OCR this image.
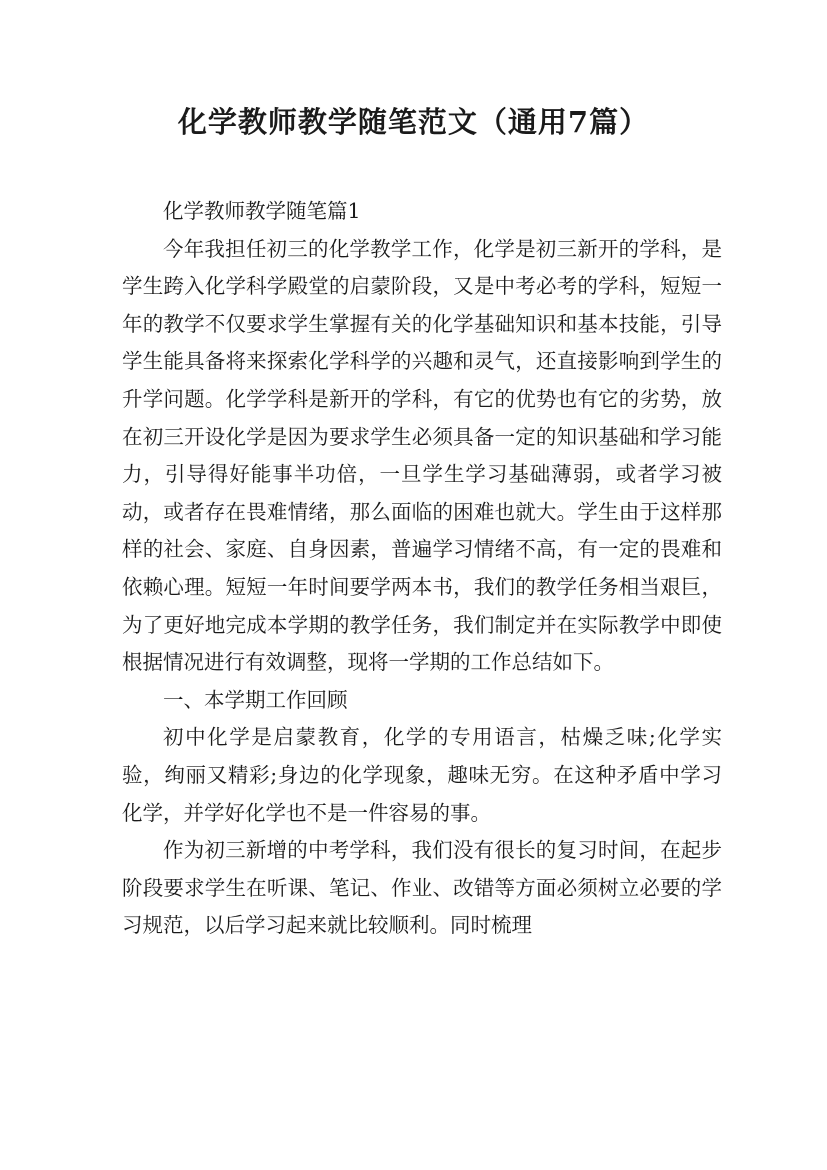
化学教师教学随笔范文（通用7篇）

化学教师教学随笔篇1

今年我担任初三的化学教学工作，化学是初三新开的学科，是学生跨入化学科学殿堂的启蒙阶段，又是中考必考的学科，短短一年的教学不仅要求学生掌握有关的化学基础知识和基本技能，引导学生能具备将来探索化学科学的兴趣和灵气，还直接影响到学生的升学问题。化学学科是新开的学科，有它的优势也有它的劣势，放在初三开设化学是因为要求学生必须具备一定的知识基础和学习能力，引导得好能事半功倍，一旦学生学习基础薄弱，或者学习被动，或者存在畏难情绪，那么面临的困难也就大。学生由于这样那样的社会、家庭、自身因素，普遍学习情绪不高，有一定的畏难和依赖心理。短短一年时间要学两本书，我们的教学任务相当艰巨，为了更好地完成本学期的教学任务，我们制定并在实际教学中即使根据情况进行有效调整，现将一学期的工作总结如下。

一、本学期工作回顾

初中化学是启蒙教育，化学的专用语言，枯燥乏味;化学实验，绚丽又精彩;身边的化学现象，趣味无穷。在这种矛盾中学习化学，并学好化学也不是一件容易的事。

作为初三新增的中考学科，我们没有很长的复习时间，在起步阶段要求学生在听课、笔记、作业、改错等方面必须树立必要的学习规范，以后学习起来就比较顺利。同时梳理
